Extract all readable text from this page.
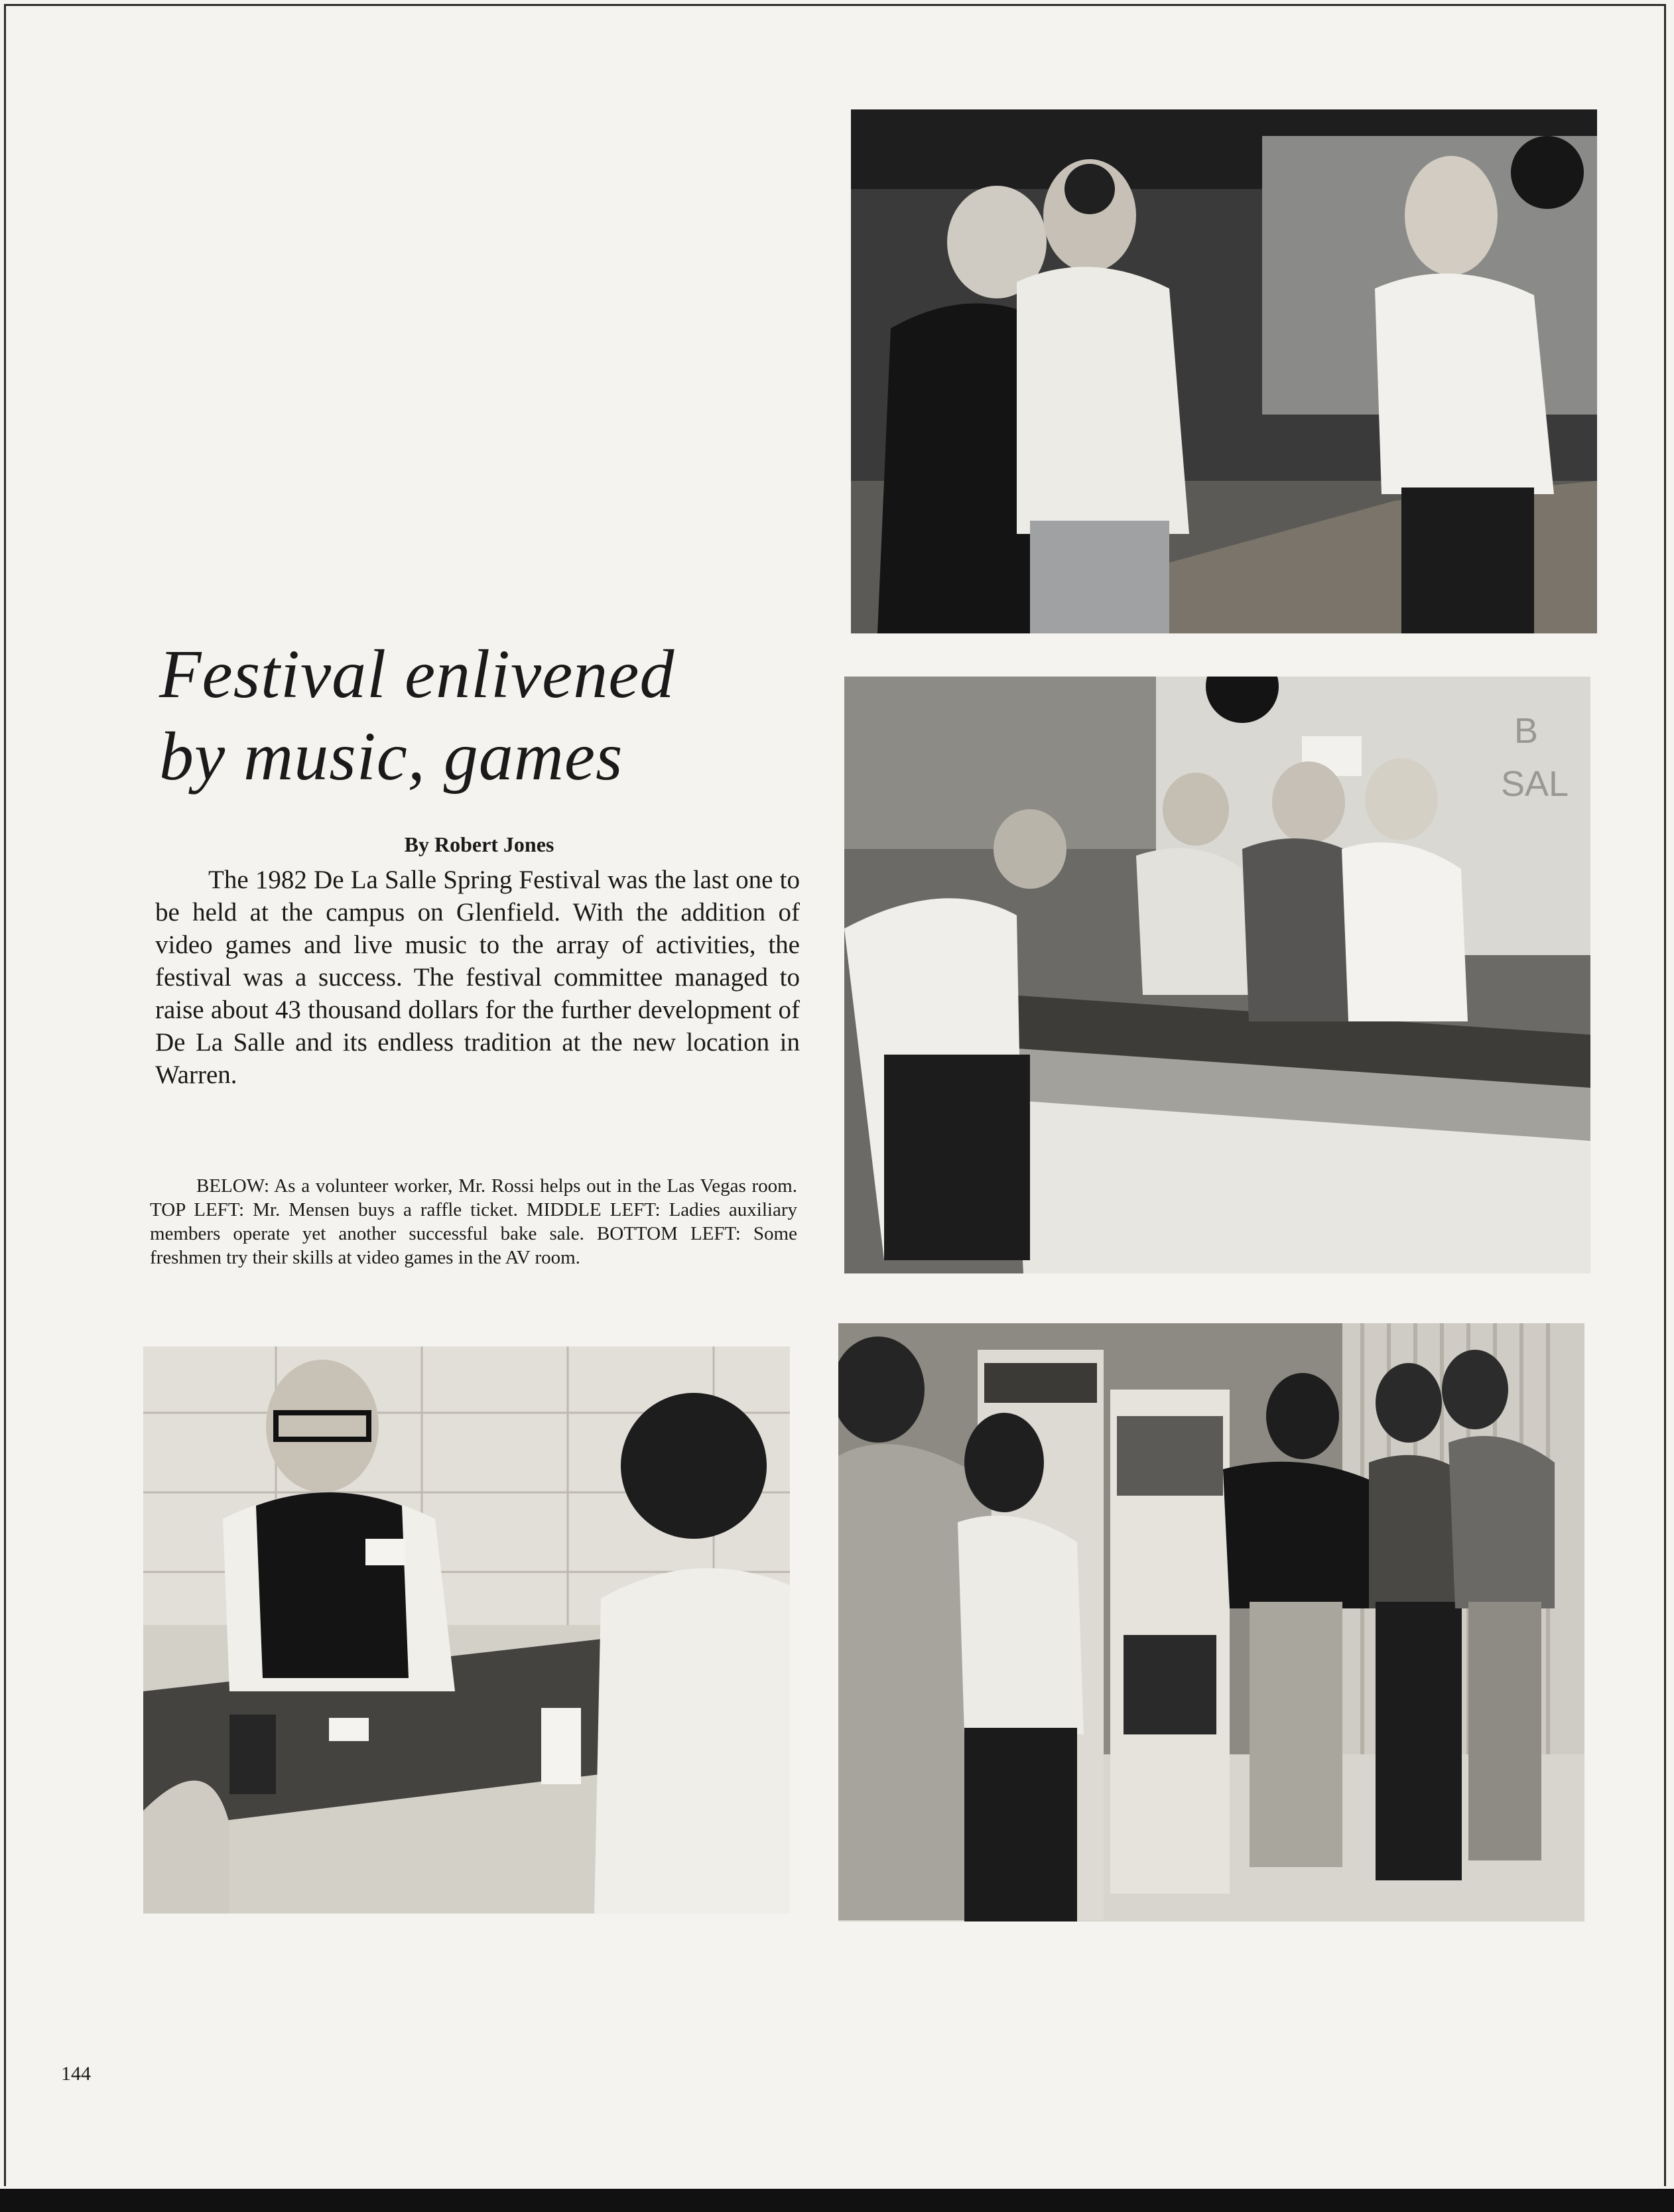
B SAL
Festival enlivened
by music, games
By Robert Jones

The 1982 De La Salle Spring Festival was the last one to be held at the campus on Glenfield. With the addition of video games and live music to the array of activities, the festival was a success. The festival committee managed to raise about 43 thousand dollars for the further development of De La Salle and its endless tradition at the new location in Warren.

BELOW: As a volunteer worker, Mr. Rossi helps out in the Las Vegas room. TOP LEFT: Mr. Mensen buys a raffle ticket. MIDDLE LEFT: Ladies auxiliary members operate yet another successful bake sale. BOTTOM LEFT: Some freshmen try their skills at video games in the AV room.

144
